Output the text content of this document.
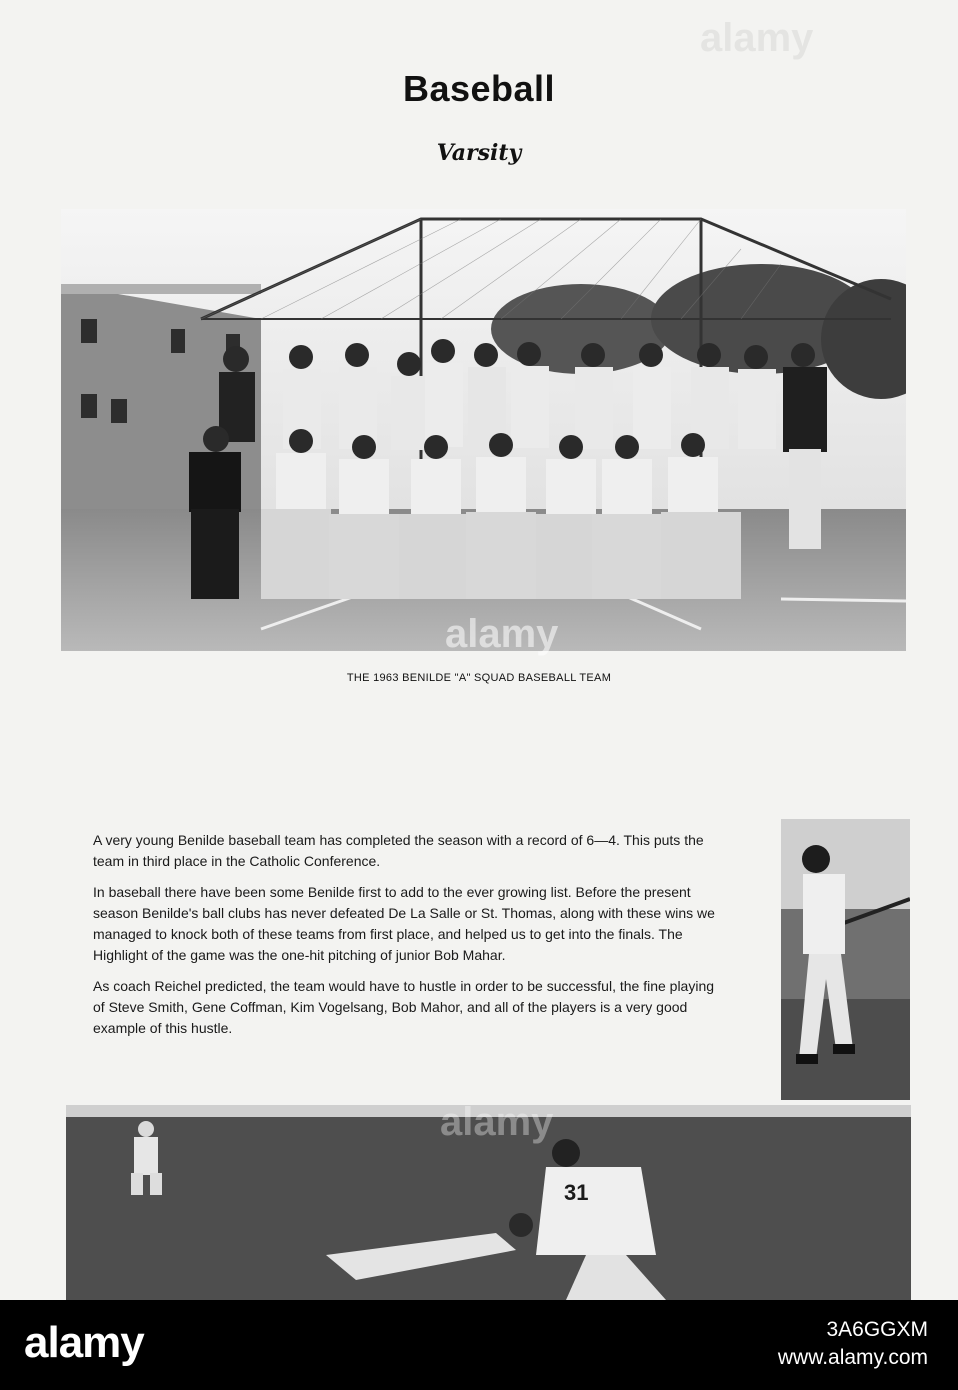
Baseball
Varsity
THE 1963 BENILDE "A" SQUAD BASEBALL TEAM

A very young Benilde baseball team has completed the season with a record of 6—4. This puts the team in third place in the Catholic Conference.

In baseball there have been some Benilde first to add to the ever growing list. Before the present season Benilde's ball clubs has never defeated De La Salle or St. Thomas, along with these wins we managed to knock both of these teams from first place, and helped us to get into the finals. The Highlight of the game was the one-hit pitching of junior Bob Mahar.

As coach Reichel predicted, the team would have to hustle in order to be successful, the fine playing of Steve Smith, Gene Coffman, Kim Vogelsang, Bob Mahor, and all of the players is a very good example of this hustle.

31
alamy
alamy
alamy	3A6GGXM
www.alamy.com
